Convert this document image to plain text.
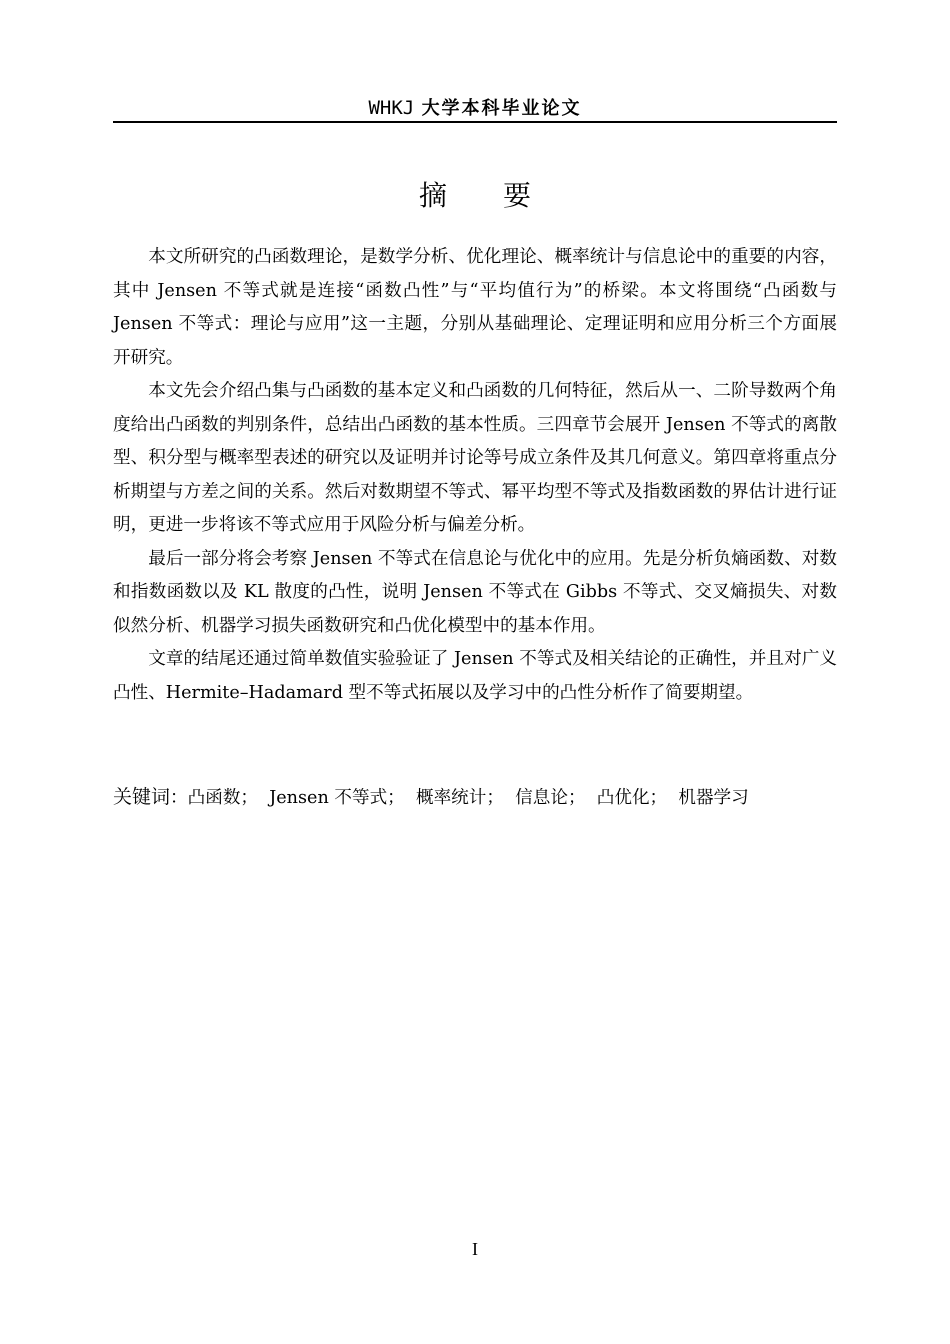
WHKJ 大学本科毕业论文
摘 要

本文所研究的凸函数理论，是数学分析、优化理论、概率统计与信息论中的重要的内容，其中 Jensen 不等式就是连接“函数凸性”与“平均值行为”的桥梁。本文将围绕“凸函数与 Jensen 不等式：理论与应用”这一主题，分别从基础理论、定理证明和应用分析三个方面展开研究。

本文先会介绍凸集与凸函数的基本定义和凸函数的几何特征，然后从一、二阶导数两个角度给出凸函数的判别条件，总结出凸函数的基本性质。三四章节会展开 Jensen 不等式的离散型、积分型与概率型表述的研究以及证明并讨论等号成立条件及其几何意义。第四章将重点分析期望与方差之间的关系。然后对数期望不等式、幂平均型不等式及指数函数的界估计进行证明，更进一步将该不等式应用于风险分析与偏差分析。

最后一部分将会考察 Jensen 不等式在信息论与优化中的应用。先是分析负熵函数、对数和指数函数以及 KL 散度的凸性，说明 Jensen 不等式在 Gibbs 不等式、交叉熵损失、对数似然分析、机器学习损失函数研究和凸优化模型中的基本作用。

文章的结尾还通过简单数值实验验证了 Jensen 不等式及相关结论的正确性，并且对广义凸性、Hermite–Hadamard 型不等式拓展以及学习中的凸性分析作了简要期望。

关键词：凸函数； Jensen 不等式； 概率统计； 信息论； 凸优化； 机器学习
I
